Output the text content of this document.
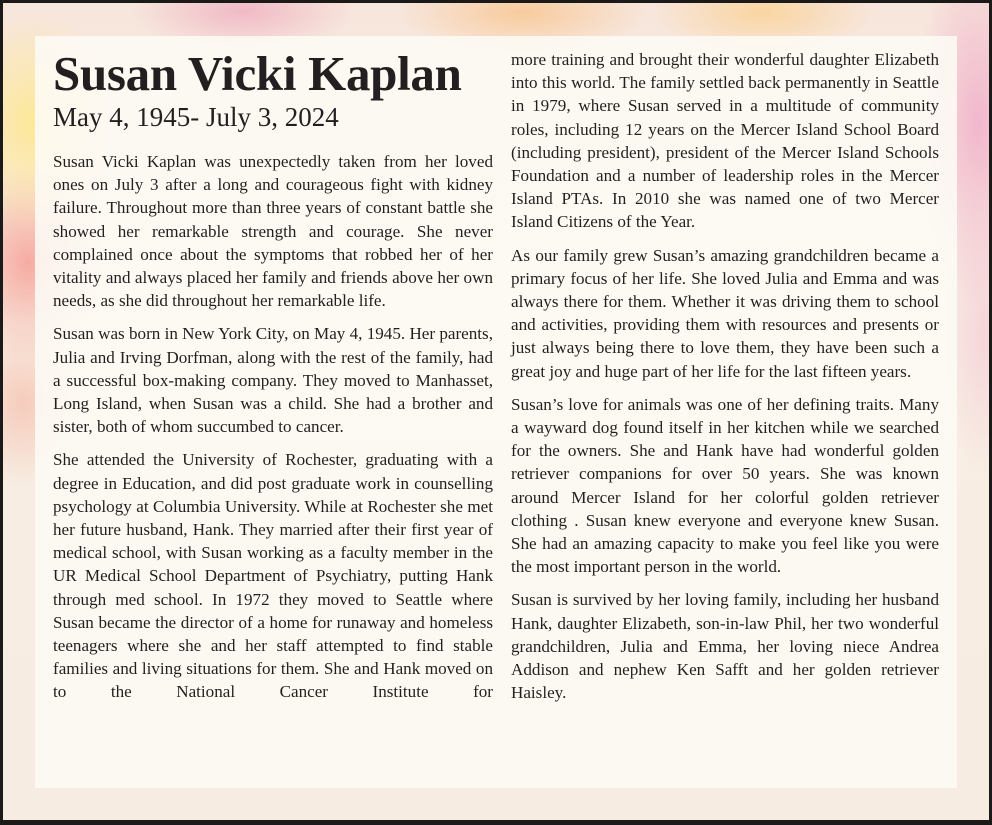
Susan Vicki Kaplan
May 4, 1945- July 3, 2024

Susan Vicki Kaplan was unexpectedly taken from her loved ones on July 3 after a long and courageous fight with kidney failure. Throughout more than three years of constant battle she showed her remarkable strength and courage. She never complained once about the symptoms that robbed her of her vitality and always placed her family and friends above her own needs, as she did throughout her remarkable life.

Susan was born in New York City, on May 4, 1945. Her parents, Julia and Irving Dorfman, along with the rest of the family, had a successful box-making company. They moved to Manhasset, Long Island, when Susan was a child. She had a brother and sister, both of whom succumbed to cancer.

She attended the University of Rochester, graduating with a degree in Education, and did post graduate work in counselling psychology at Columbia University. While at Rochester she met her future husband, Hank. They married after their first year of medical school, with Susan working as a faculty member in the UR Medical School Department of Psychiatry, putting Hank through med school. In 1972 they moved to Seattle where Susan became the director of a home for runaway and homeless teenagers where she and her staff attempted to find stable families and living situations for them. She and Hank moved on to the National Cancer Institute for

more training and brought their wonderful daughter Elizabeth into this world. The family settled back permanently in Seattle in 1979, where Susan served in a multitude of community roles, including 12 years on the Mercer Island School Board (including president), president of the Mercer Island Schools Foundation and a number of leadership roles in the Mercer Island PTAs. In 2010 she was named one of two Mercer Island Citizens of the Year.

As our family grew Susan’s amazing grandchildren became a primary focus of her life. She loved Julia and Emma and was always there for them. Whether it was driving them to school and activities, providing them with resources and presents or just always being there to love them, they have been such a great joy and huge part of her life for the last fifteen years.

Susan’s love for animals was one of her defining traits. Many a wayward dog found itself in her kitchen while we searched for the owners. She and Hank have had wonderful golden retriever companions for over 50 years. She was known around Mercer Island for her colorful golden retriever clothing . Susan knew everyone and everyone knew Susan. She had an amazing capacity to make you feel like you were the most important person in the world.

Susan is survived by her loving family, including her husband Hank, daughter Elizabeth, son-in-law Phil, her two wonderful grandchildren, Julia and Emma, her loving niece Andrea Addison and nephew Ken Safft and her golden retriever Haisley.
